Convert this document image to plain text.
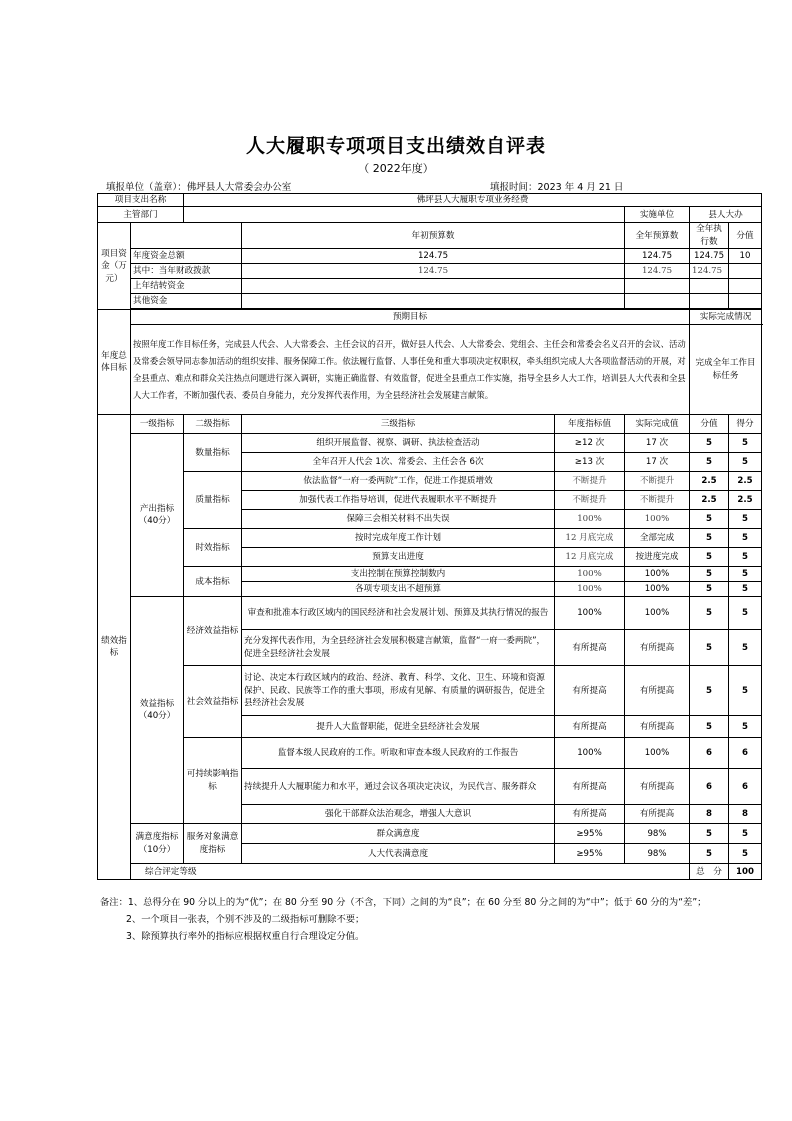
人大履职专项项目支出绩效自评表
（ 2022年度）
填报单位（盖章）：佛坪县人大常委会办公室	填报时间：2023 年 4 月 21 日
项目支出名称		佛坪县人大履职专项业务经费						
主管部门					实施单位	县人大办		
项目资金（万元）			年初预算数		全年预算数	全年执行数	分值	
	年度资金总额		124.75		124.75	124.75	10	
	其中：当年财政拨款		124.75		124.75	124.75		
	上年结转资金							
	其他资金							

年度总体目标	预期目标					实际完成情况		
	按照年度工作目标任务，完成县人代会、人大常委会、主任会议的召开，做好县人代会、人大常委会、党组会、主任会和常委会名义召开的会议、活动及常委会领导同志参加活动的组织安排、服务保障工作。依法履行监督、人事任免和重大事项决定权职权，牵头组织完成人大各项监督活动的开展，对全县重点、难点和群众关注热点问题进行深入调研，实施正确监督、有效监督，促进全县重点工作实施，指导全县乡人大工作，培训县人大代表和全县人大工作者，不断加强代表、委员自身能力，充分发挥代表作用，为全县经济社会发展建言献策。					完成全年工作目标任务		
绩效指标	一级指标	二级指标	三级指标	年度指标值	实际完成值	分值	得分	
	产出指标（40分）	数量指标	组织开展监督、视察、调研、执法检查活动	≥12 次	17 次	5	5	
			全年召开人代会 1次、常委会、主任会各 6次	≥13 次	17 次	5	5	
		质量指标	依法监督“一府一委两院”工作，促进工作提质增效	不断提升	不断提升	2.5	2.5	
			加强代表工作指导培训，促进代表履职水平不断提升	不断提升	不断提升	2.5	2.5	
			保障三会相关材料不出失误	100%	100%	5	5	
		时效指标	按时完成年度工作计划	12 月底完成	全部完成	5	5	
			预算支出进度	12 月底完成	按进度完成	5	5	
		成本指标	支出控制在预算控制数内	100%	100%	5	5	
			各项专项支出不超预算	100%	100%	5	5	
	效益指标（40分）	经济效益指标	审查和批准本行政区域内的国民经济和社会发展计划、预算及其执行情况的报告	100%	100%	5	5	
			充分发挥代表作用，为全县经济社会发展积极建言献策，监督“一府一委两院”，促进全县经济社会发展	有所提高	有所提高	5	5	
		社会效益指标	讨论、决定本行政区域内的政治、经济、教育、科学、文化、卫生、环境和资源保护、民政、民族等工作的重大事项，形成有见解、有质量的调研报告，促进全县经济社会发展	有所提高	有所提高	5	5	
			提升人大监督职能，促进全县经济社会发展	有所提高	有所提高	5	5	
		可持续影响指标	监督本级人民政府的工作。听取和审查本级人民政府的工作报告	100%	100%	6	6	
			持续提升人大履职能力和水平，通过会议各项决定决议，为民代言、服务群众	有所提高	有所提高	6	6	
			强化干部群众法治观念，增强人大意识	有所提高	有所提高	8	8	
	满意度指标（10分）	服务对象满意度指标	群众满意度	≥95%	98%	5	5	
			人大代表满意度	≥95%	98%	5	5	
	综合评定等级					总　分	100	
备注：1、总得分在 90 分以上的为“优”；在 80 分至 90 分（不含，下同）之间的为“良”；在 60 分至 80 分之间的为“中”；低于 60 分的为“差”；
2、一个项目一张表，个别不涉及的二级指标可删除不要；
3、除预算执行率外的指标应根据权重自行合理设定分值。
